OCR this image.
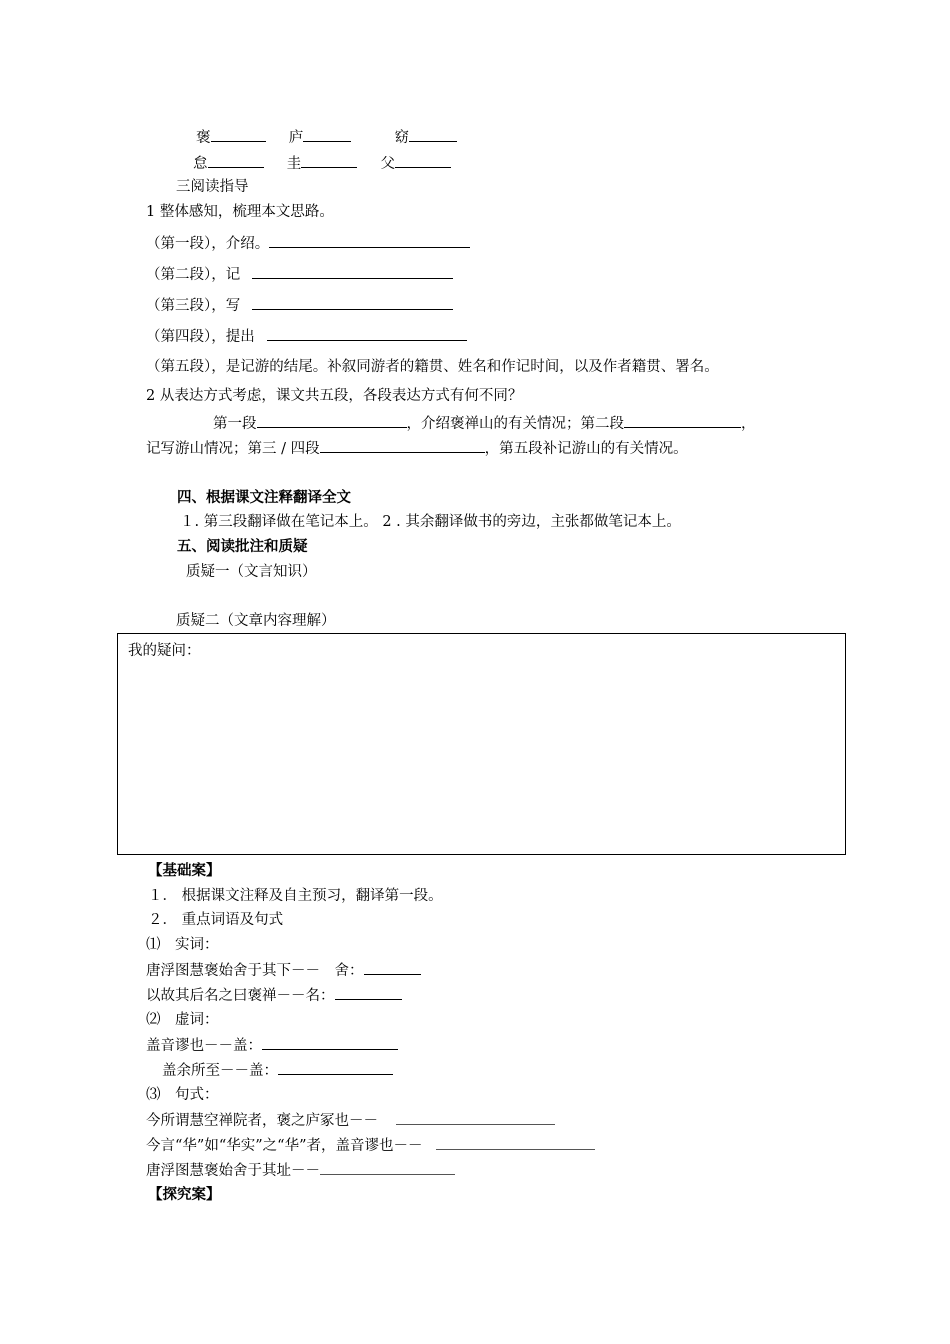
褒	庐	窈
怠	圭	父
三阅读指导
1 整体感知，梳理本文思路。
（第一段），介绍。
（第二段），记
（第三段），写
（第四段），提出
（第五段），是记游的结尾。补叙同游者的籍贯、姓名和作记时间，以及作者籍贯、署名。
2 从表达方式考虑，课文共五段，各段表达方式有何不同？
第一段	，介绍褒禅山的有关情况；第二段	，
记写游山情况；第三 / 四段	，第五段补记游山的有关情况。
四、根据课文注释翻译全文
１. 第三段翻译做在笔记本上。 2 . 其余翻译做书的旁边，主张都做笔记本上。
五、阅读批注和质疑
质疑一（文言知识）
质疑二（文章内容理解）
我的疑问：
【基础案】
１． 根据课文注释及自主预习，翻译第一段。
２． 重点词语及句式
⑴　实词：
唐浮图慧褒始舍于其下－－　舍：
以故其后名之曰褒禅－－名：
⑵　虚词：
盖音谬也－－盖：
盖余所至－－盖：
⑶　句式：
今所谓慧空禅院者，褒之庐冢也－－
今言“华”如“华实”之“华”者，盖音谬也－－
唐浮图慧褒始舍于其址－－
【探究案】
